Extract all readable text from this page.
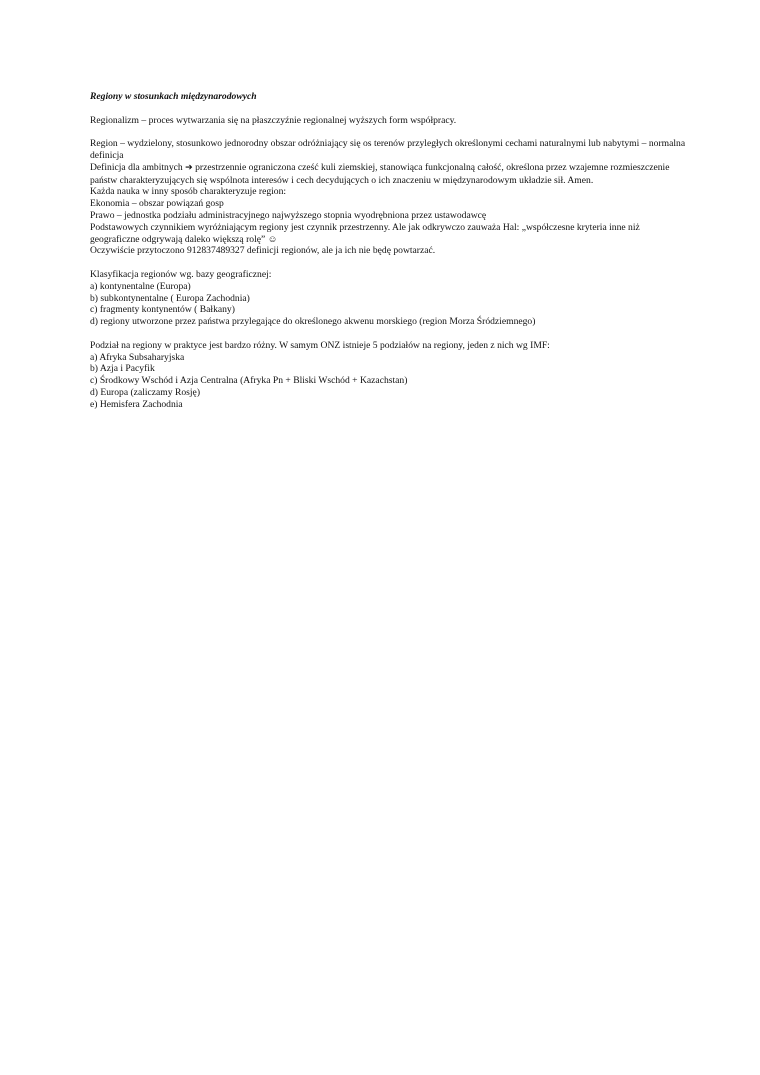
Regiony w stosunkach międzynarodowych
Regionalizm – proces wytwarzania się na płaszczyźnie regionalnej wyższych form współpracy.
Region – wydzielony, stosunkowo jednorodny obszar odróżniający się os terenów przyległych określonymi cechami naturalnymi lub nabytymi – normalna definicja
Definicja dla ambitnych ➔ przestrzennie ograniczona cześć kuli ziemskiej, stanowiąca funkcjonalną całość, określona przez wzajemne rozmieszczenie państw charakteryzujących się wspólnota interesów i cech decydujących o ich znaczeniu w międzynarodowym układzie sił. Amen.
Każda nauka w inny sposób charakteryzuje region:
Ekonomia – obszar powiązań gosp
Prawo – jednostka podziału administracyjnego najwyższego stopnia wyodrębniona przez ustawodawcę
Podstawowych czynnikiem wyróżniającym regiony jest czynnik przestrzenny. Ale jak odkrywczo zauważa Hal: „współczesne kryteria inne niż geograficzne odgrywają daleko większą rolę” ☺
Oczywiście przytoczono 912837489327 definicji regionów, ale ja ich nie będę powtarzać.
Klasyfikacja regionów wg. bazy geograficznej:
a) kontynentalne (Europa)
b) subkontynentalne ( Europa Zachodnia)
c) fragmenty kontynentów ( Bałkany)
d) regiony utworzone przez państwa przylegające do określonego akwenu morskiego (region Morza Śródziemnego)
Podział na regiony w praktyce jest bardzo różny. W samym ONZ istnieje 5 podziałów na regiony, jeden z nich wg IMF:
a) Afryka Subsaharyjska
b) Azja i Pacyfik
c) Środkowy Wschód i Azja Centralna (Afryka Pn + Bliski Wschód + Kazachstan)
d) Europa (zaliczamy Rosję)
e) Hemisfera Zachodnia
